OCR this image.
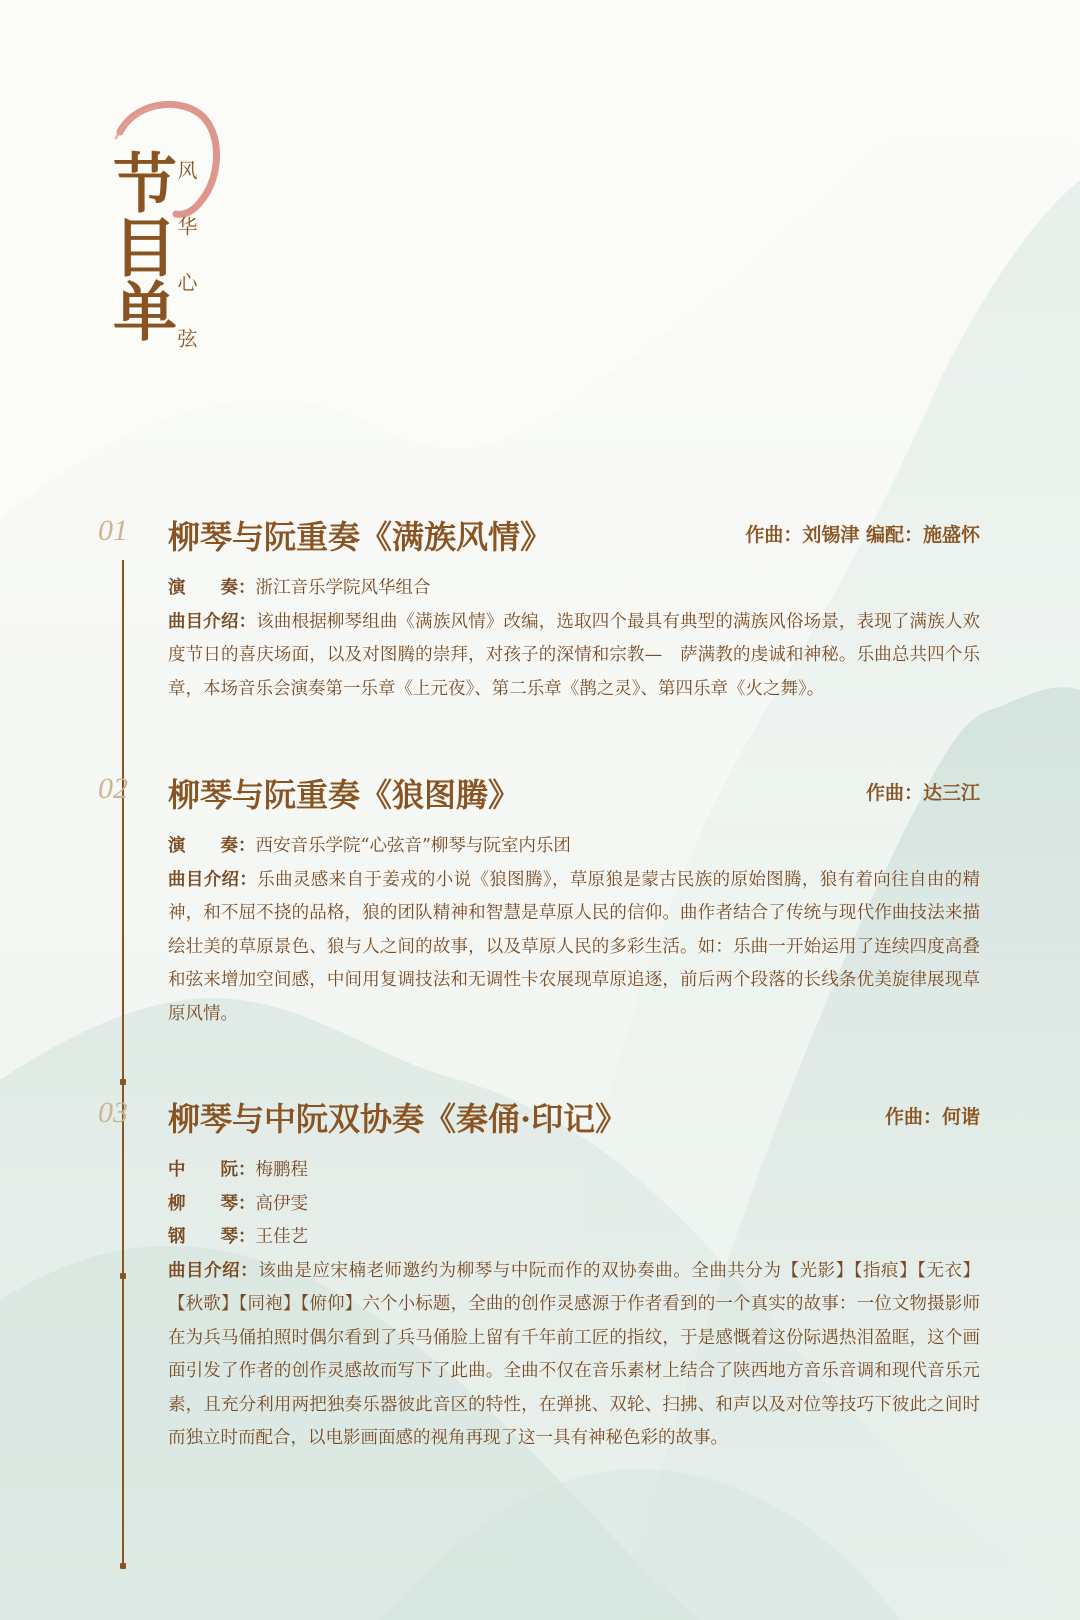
节目单
风华心弦
01 柳琴与阮重奏《满族风情》	作曲：刘锡津 编配：施盛怀
演　　奏：浙江音乐学院风华组合
曲目介绍：该曲根据柳琴组曲《满族风情》改编，选取四个最具有典型的满族风俗场景，表现了满族人欢度节日的喜庆场面，以及对图腾的崇拜，对孩子的深情和宗教—　萨满教的虔诚和神秘。乐曲总共四个乐章，本场音乐会演奏第一乐章《上元夜》、第二乐章《鹊之灵》、第四乐章《火之舞》。
02 柳琴与阮重奏《狼图腾》	作曲：达三江
演　　奏：西安音乐学院“心弦音”柳琴与阮室内乐团
曲目介绍：乐曲灵感来自于姜戎的小说《狼图腾》，草原狼是蒙古民族的原始图腾，狼有着向往自由的精神，和不屈不挠的品格，狼的团队精神和智慧是草原人民的信仰。曲作者结合了传统与现代作曲技法来描绘壮美的草原景色、狼与人之间的故事，以及草原人民的多彩生活。如：乐曲一开始运用了连续四度高叠和弦来增加空间感，中间用复调技法和无调性卡农展现草原追逐，前后两个段落的长线条优美旋律展现草原风情。
03 柳琴与中阮双协奏《秦俑·印记》	作曲：何谐
中　　阮：梅鹏程
柳　　琴：高伊雯
钢　　琴：王佳艺
曲目介绍：该曲是应宋楠老师邀约为柳琴与中阮而作的双协奏曲。全曲共分为【光影】【指痕】【无衣】【秋歌】【同袍】【俯仰】六个小标题，全曲的创作灵感源于作者看到的一个真实的故事：一位文物摄影师在为兵马俑拍照时偶尔看到了兵马俑脸上留有千年前工匠的指纹，于是感慨着这份际遇热泪盈眶，这个画面引发了作者的创作灵感故而写下了此曲。全曲不仅在音乐素材上结合了陕西地方音乐音调和现代音乐元素，且充分利用两把独奏乐器彼此音区的特性，在弹挑、双轮、扫拂、和声以及对位等技巧下彼此之间时而独立时而配合，以电影画面感的视角再现了这一具有神秘色彩的故事。
